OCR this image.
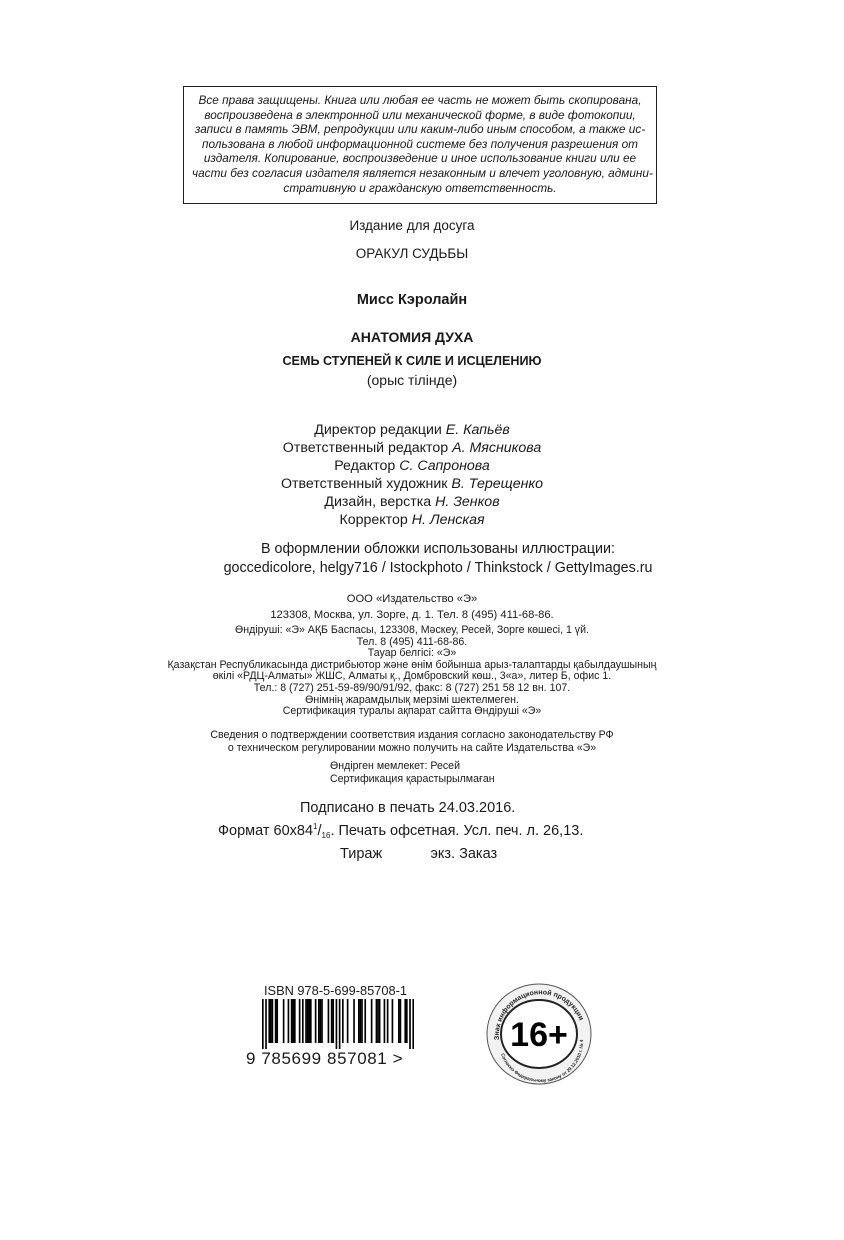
Все права защищены. Книга или любая ее часть не может быть скопирована,
воспроизведена в электронной или механической форме, в виде фотокопии,
записи в память ЭВМ, репродукции или каким-либо иным способом, а также ис-
пользована в любой информационной системе без получения разрешения от
издателя. Копирование, воспроизведение и иное использование книги или ее
части без согласия издателя является незаконным и влечет уголовную, админи-
стративную и гражданскую ответственность.
Издание для досуга
ОРАКУЛ СУДЬБЫ
Мисс Кэролайн
АНАТОМИЯ ДУХА
СЕМЬ СТУПЕНЕЙ К СИЛЕ И ИСЦЕЛЕНИЮ
(орыс тілінде)
Директор редакции Е. Капьёв
Ответственный редактор А. Мясникова
Редактор С. Сапронова
Ответственный художник В. Терещенко
Дизайн, верстка Н. Зенков
Корректор Н. Ленская
В оформлении обложки использованы иллюстрации:
goccedicolore, helgy716 / Istockphoto / Thinkstock / GettyImages.ru
ООО «Издательство «Э»
123308, Москва, ул. Зорге, д. 1. Тел. 8 (495) 411-68-86.
Өндіруші: «Э» АҚБ Баспасы, 123308, Мәскеу, Ресей, Зорге көшесі, 1 үй.
Тел. 8 (495) 411-68-86.
Тауар белгісі: «Э»
Қазақстан Республикасында дистрибьютор және өнім бойынша арыз-талаптарды қабылдаушының
өкілі «РДЦ-Алматы» ЖШС, Алматы қ., Домбровский көш., 3«а», литер Б, офис 1.
Тел.: 8 (727) 251-59-89/90/91/92, факс: 8 (727) 251 58 12 вн. 107.
Өнімнің жарамдылық мерзімі шектелмеген.
Сертификация туралы ақпарат сайтта Өндіруші «Э»
Сведения о подтверждении соответствия издания согласно законодательству РФ
о техническом регулировании можно получить на сайте Издательства «Э»
Өндірген мемлекет: Ресей
Сертификация қарастырылмаған
Подписано в печать 24.03.2016.
Формат $60х84^1/_{16}$. Печать офсетная. Усл. печ. л. 26,13.
Тираж            экз. Заказ
ISBN 978-5-699-85708-1
9 785699 857081 >
Знак информационной продукции
Согласно Федеральному закону от 29.12.2010 г. № 4
16+
